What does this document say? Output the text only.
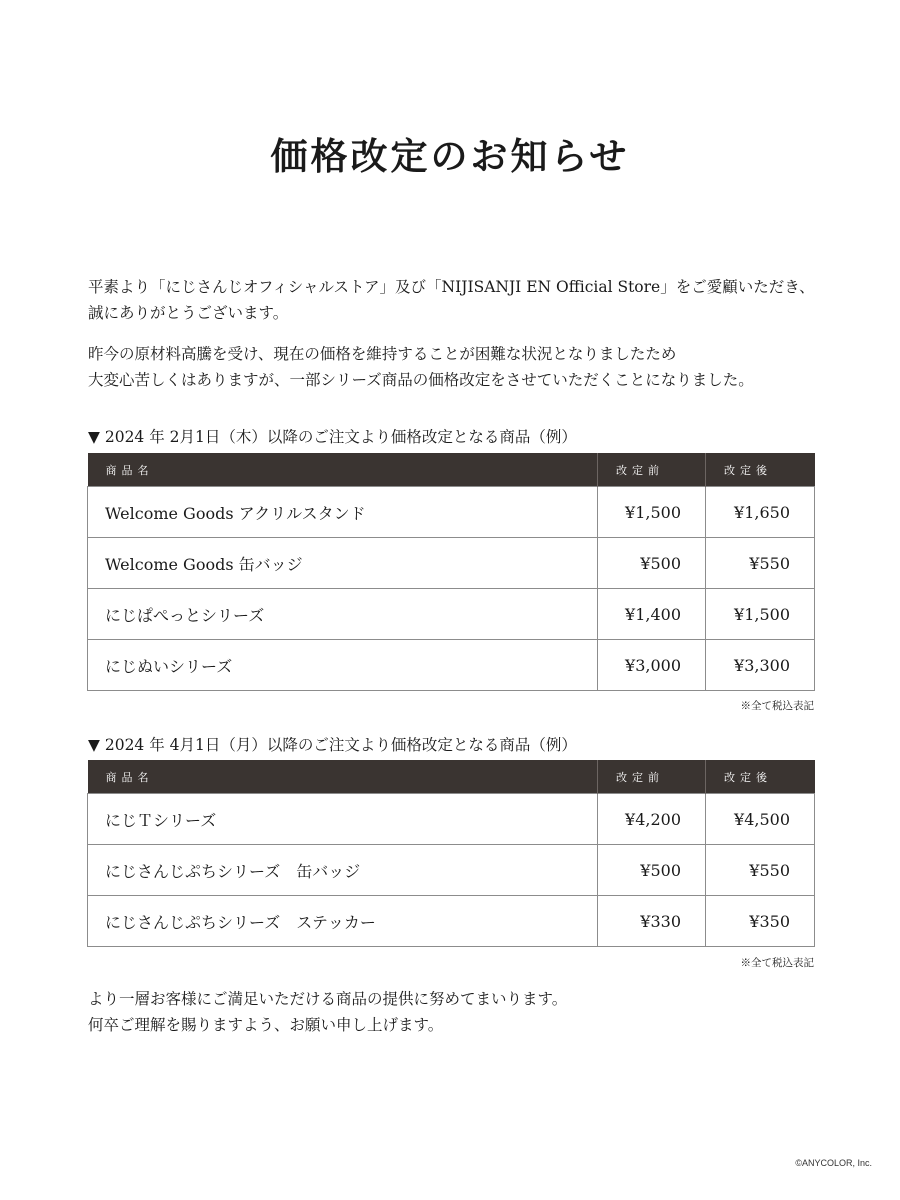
価格改定のお知らせ
平素より「にじさんじオフィシャルストア」及び「NIJISANJI EN Official Store」をご愛顧いただき、
誠にありがとうございます。
昨今の原材料高騰を受け、現在の価格を維持することが困難な状況となりましたため
大変心苦しくはありますが、一部シリーズ商品の価格改定をさせていただくことになりました。
▼ 2024 年 2月1日（木）以降のご注文より価格改定となる商品（例）
商品名	改定前	改定後
Welcome Goods アクリルスタンド	¥1,500	¥1,650
Welcome Goods 缶バッジ	¥500	¥550
にじぱぺっとシリーズ	¥1,400	¥1,500
にじぬいシリーズ	¥3,000	¥3,300
※全て税込表記
▼ 2024 年 4月1日（月）以降のご注文より価格改定となる商品（例）
商品名	改定前	改定後
にじＴシリーズ	¥4,200	¥4,500
にじさんじぷちシリーズ　缶バッジ	¥500	¥550
にじさんじぷちシリーズ　ステッカー	¥330	¥350
※全て税込表記
より一層お客様にご満足いただける商品の提供に努めてまいります。
何卒ご理解を賜りますよう、お願い申し上げます。
©ANYCOLOR, Inc.
